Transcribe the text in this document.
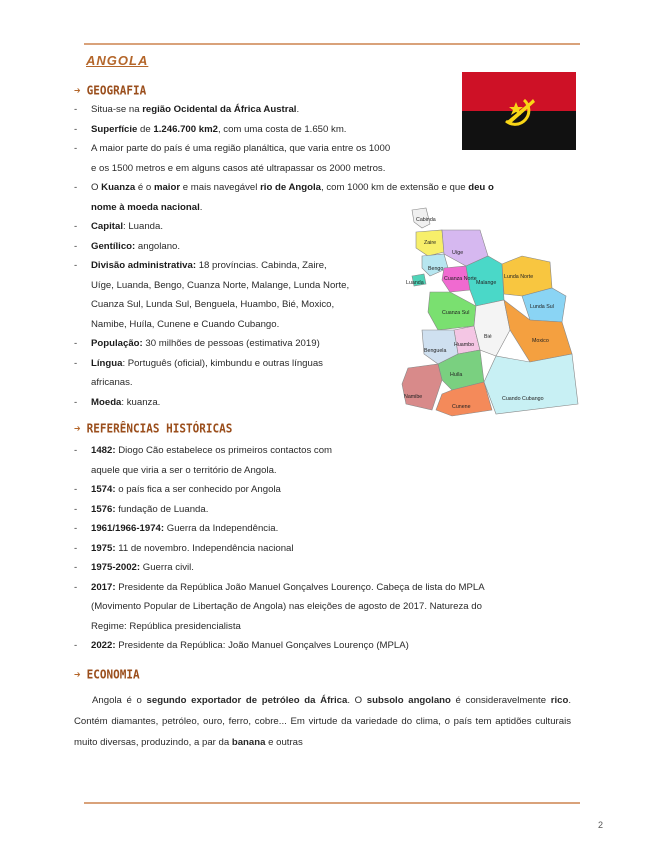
ANGOLA
➔ GEOGRAFIA
- Situa-se na região Ocidental da África Austral.
- Superfície de 1.246.700 km2, com uma costa de 1.650 km.
- A maior parte do país é uma região planáltica, que varia entre os 1000
e os 1500 metros e em alguns casos até ultrapassar os 2000 metros.
- O Kuanza é o maior e mais navegável rio de Angola, com 1000 km de extensão e que deu o
nome à moeda nacional.
- Capital: Luanda.
- Gentílico: angolano.
- Divisão administrativa: 18 províncias. Cabinda, Zaire,
Uíge, Luanda, Bengo, Cuanza Norte, Malange, Lunda Norte,
Cuanza Sul, Lunda Sul, Benguela, Huambo, Bié, Moxico,
Namibe, Huíla, Cunene e Cuando Cubango.
- População: 30 milhões de pessoas (estimativa 2019)
- Língua: Português (oficial), kimbundu e outras línguas
africanas.
- Moeda: kuanza.
Cabinda
Zaire
Uíge
Bengo
Luanda
Cuanza Norte
Malange
Lunda Norte
Lunda Sul
Cuanza Sul
Bié
Huambo
Moxico
Benguela
Huíla
Namibe
Cunene
Cuando Cubango
➔ REFERÊNCIAS HISTÓRICAS
- 1482: Diogo Cão estabelece os primeiros contactos com
aquele que viria a ser o território de Angola.
- 1574: o país fica a ser conhecido por Angola
- 1576: fundação de Luanda.
- 1961/1966-1974: Guerra da Independência.
- 1975: 11 de novembro. Independência nacional
- 1975-2002: Guerra civil.
- 2017: Presidente da República João Manuel Gonçalves Lourenço. Cabeça de lista do MPLA
(Movimento Popular de Libertação de Angola) nas eleições de agosto de 2017. Natureza do
Regime: República presidencialista
- 2022: Presidente da República: João Manuel Gonçalves Lourenço (MPLA)
➔ ECONOMIA
Angola é o segundo exportador de petróleo da África. O subsolo angolano é consideravelmente rico. Contém diamantes, petróleo, ouro, ferro, cobre... Em virtude da variedade do clima, o país tem aptidões culturais muito diversas, produzindo, a par da banana e outras
2
